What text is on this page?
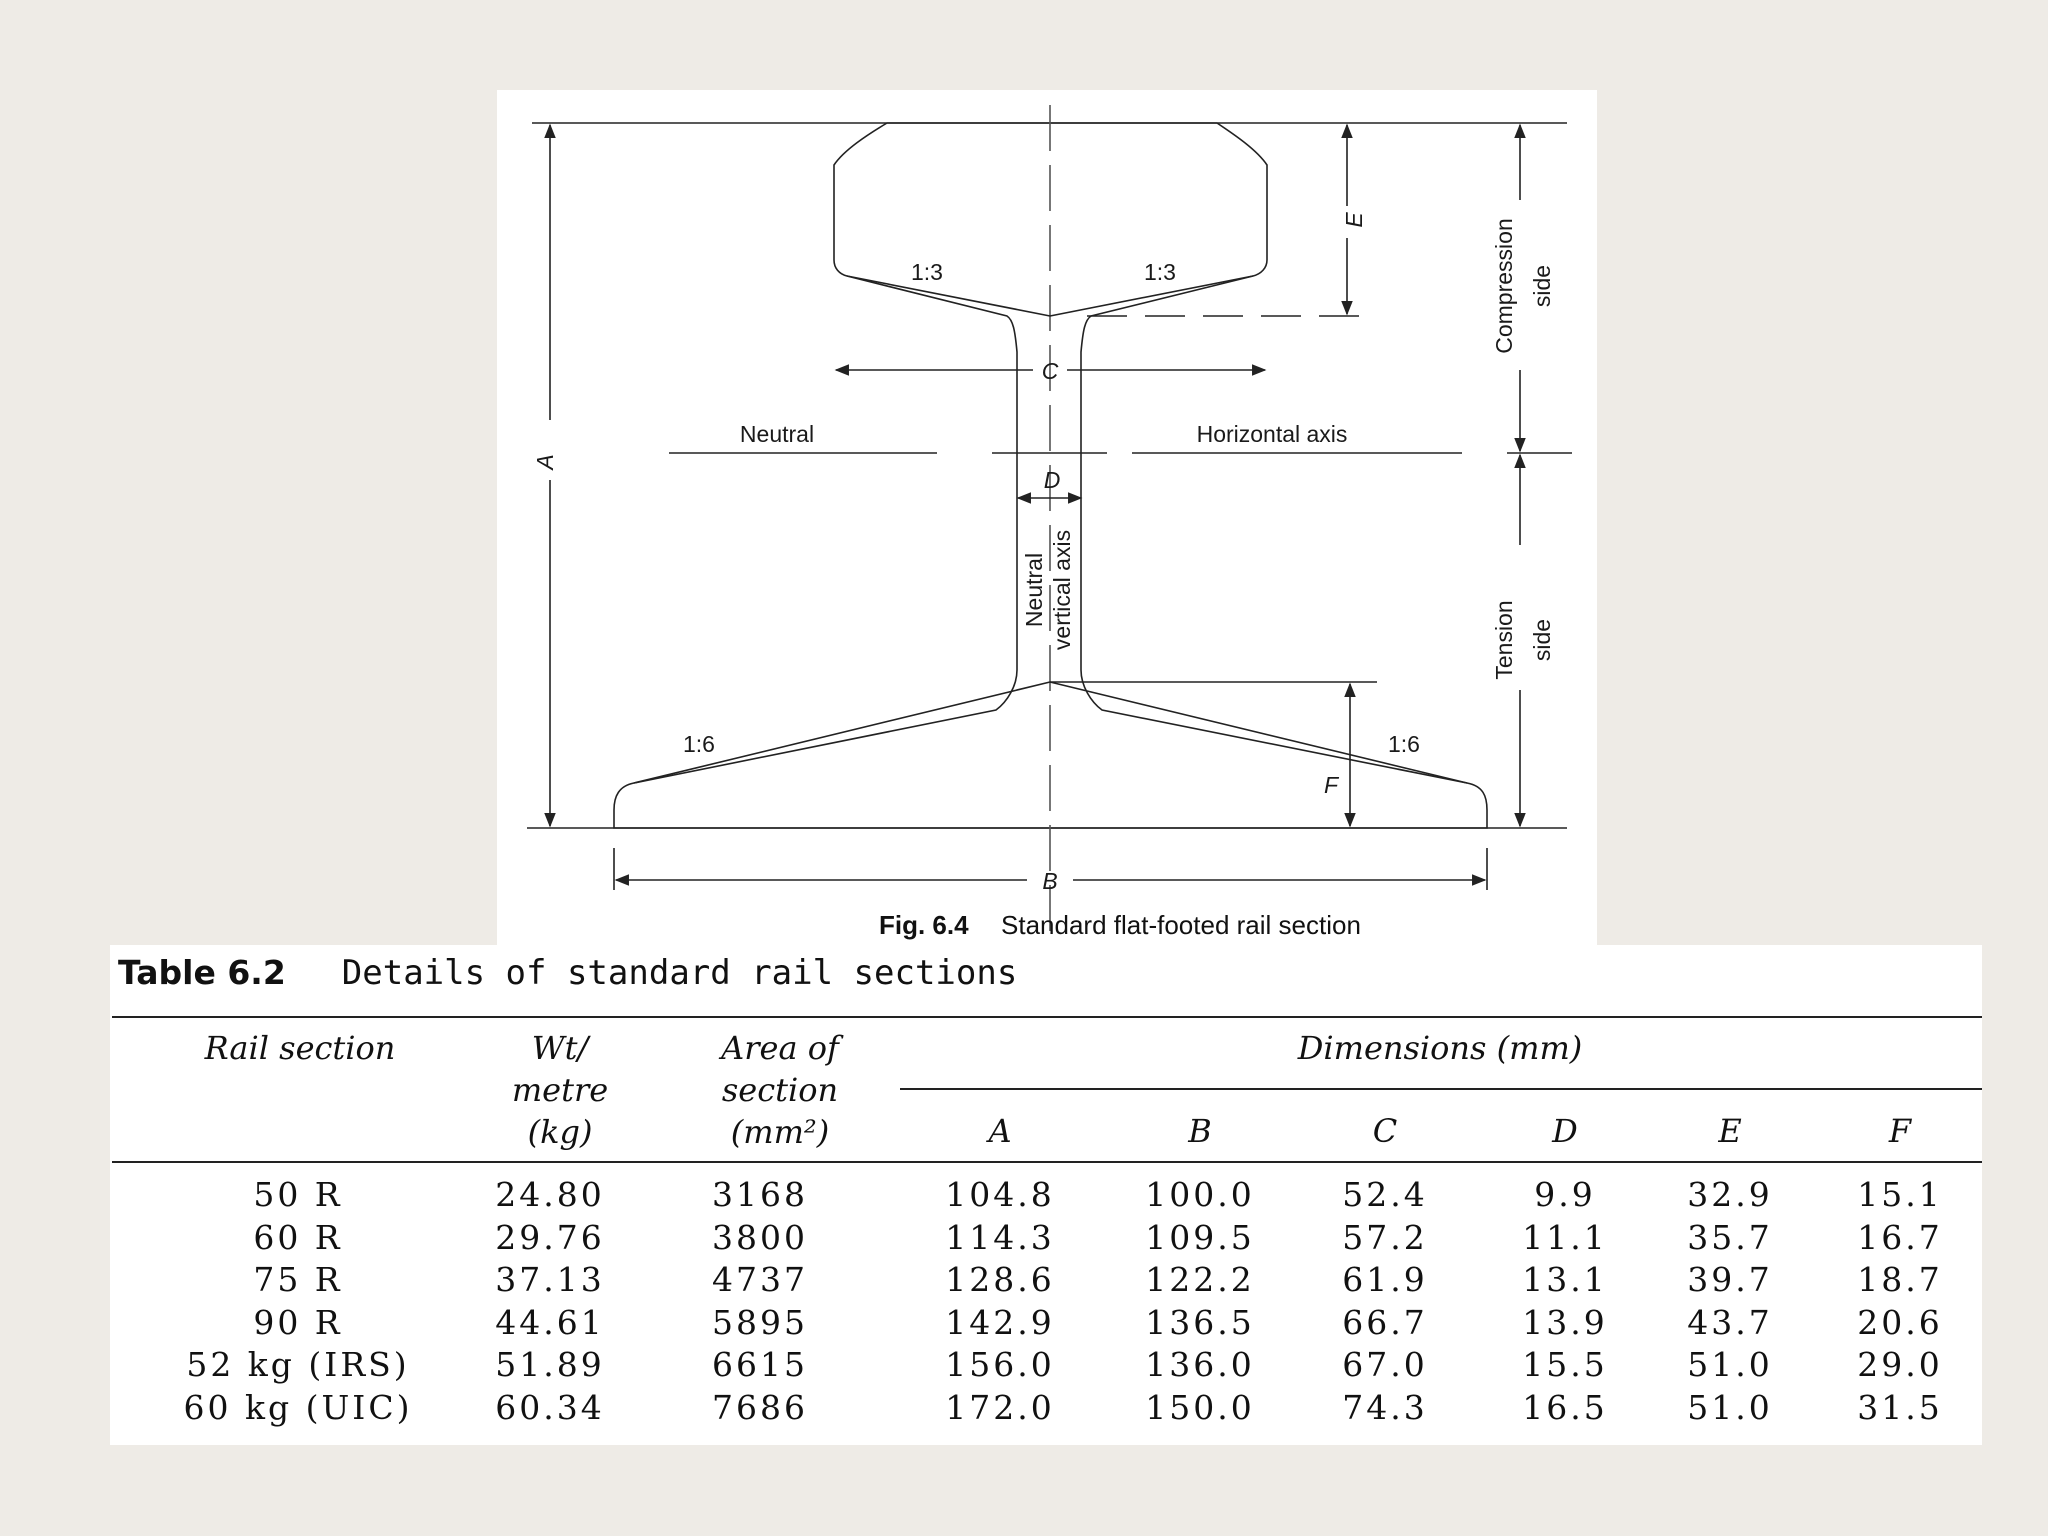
1:3	1:3
1:6	1:6
Neutral	Horizontal axis
A
B
C
D
E
F
Neutral vertical axis
Compression side
Tension side
Fig. 6.4 Standard flat-footed rail section
Table 6.2 Details of standard rail sections
Rail section	Wt/
metre
(kg)
Area of
section
(mm²)
Dimensions (mm)
A	B	C	D	E	F
50 R	24.80	3168	104.8	100.0	52.4	9.9	32.9	15.1
60 R	29.76	3800	114.3	109.5	57.2	11.1	35.7	16.7
75 R	37.13	4737	128.6	122.2	61.9	13.1	39.7	18.7
90 R	44.61	5895	142.9	136.5	66.7	13.9	43.7	20.6
52 kg (IRS)	51.89	6615	156.0	136.0	67.0	15.5	51.0	29.0
60 kg (UIC)	60.34	7686	172.0	150.0	74.3	16.5	51.0	31.5
